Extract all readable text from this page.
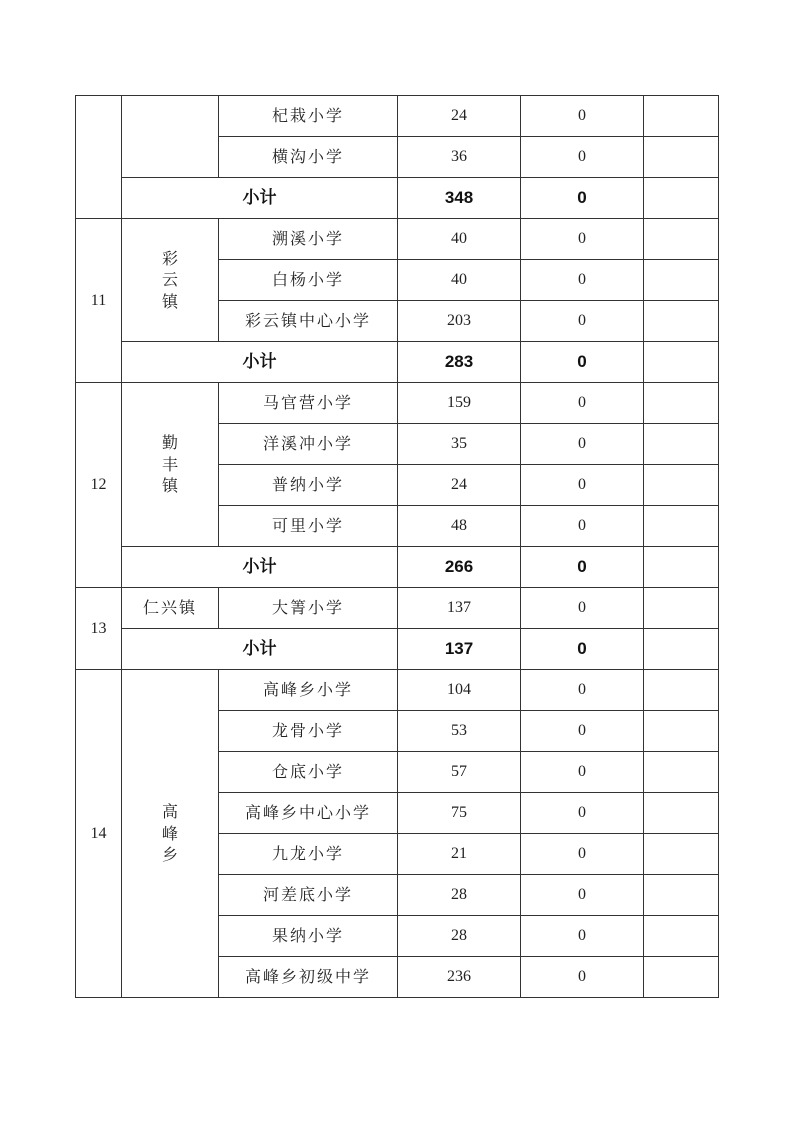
		杞栽小学	24	0	
		横沟小学	36	0	
	小计		348	0	
11	彩云镇	溯溪小学	40	0	
		白杨小学	40	0	
		彩云镇中心小学	203	0	
	小计		283	0	
12	勤丰镇	马官营小学	159	0	
		洋溪冲小学	35	0	
		普纳小学	24	0	
		可里小学	48	0	
	小计		266	0	
13	仁兴镇	大箐小学	137	0	
	小计		137	0	
14	高峰乡	高峰乡小学	104	0	
		龙骨小学	53	0	
		仓底小学	57	0	
		高峰乡中心小学	75	0	
		九龙小学	21	0	
		河差底小学	28	0	
		果纳小学	28	0	
		高峰乡初级中学	236	0	
